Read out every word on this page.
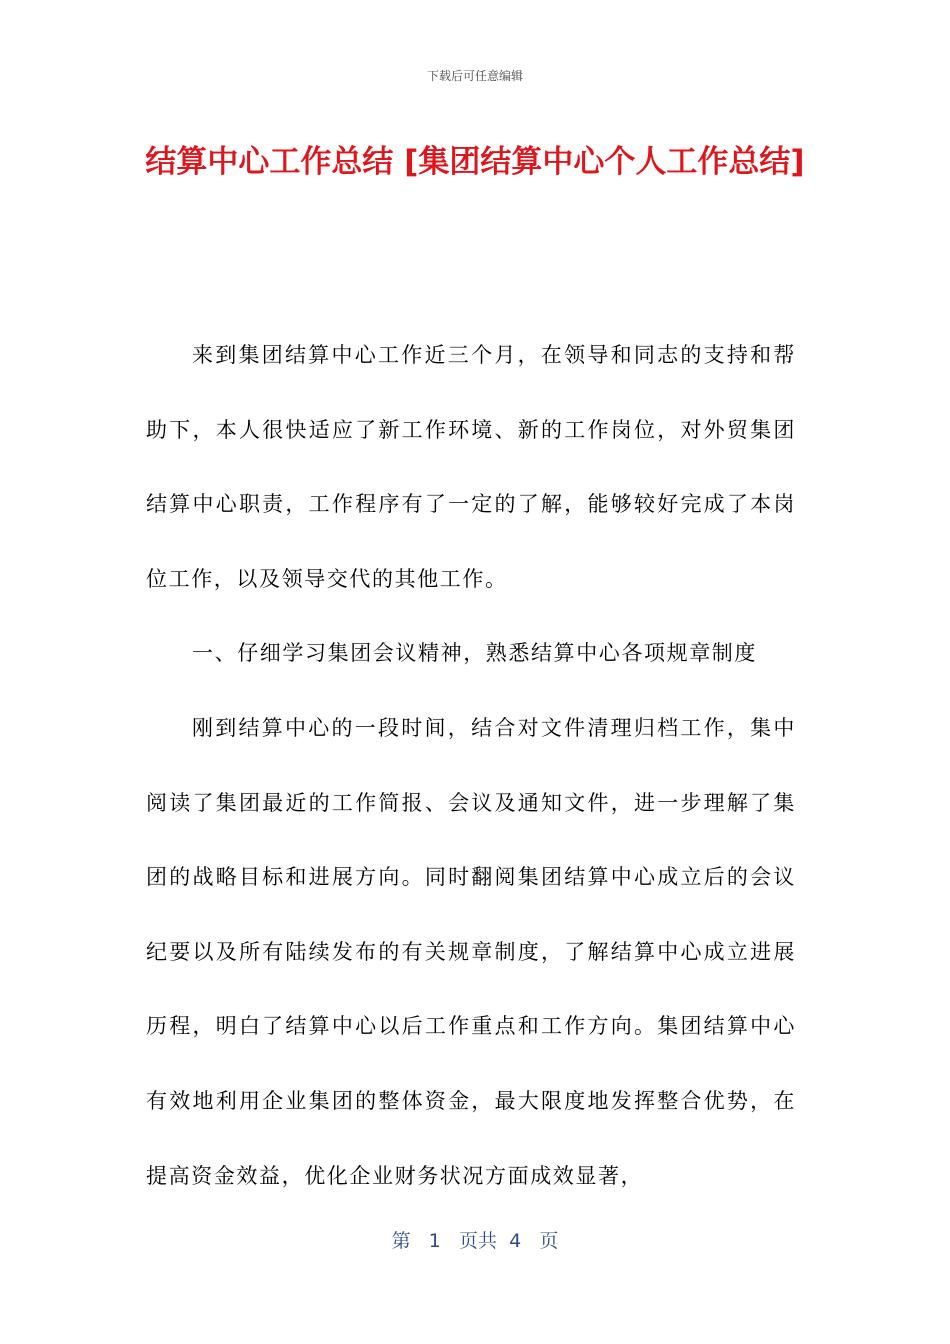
下载后可任意编辑
结算中心工作总结 [集团结算中心个人工作总结]

来到集团结算中心工作近三个月，在领导和同志的支持和帮助下，本人很快适应了新工作环境、新的工作岗位，对外贸集团结算中心职责，工作程序有了一定的了解，能够较好完成了本岗位工作，以及领导交代的其他工作。

一、仔细学习集团会议精神，熟悉结算中心各项规章制度

刚到结算中心的一段时间，结合对文件清理归档工作，集中阅读了集团最近的工作简报、会议及通知文件，进一步理解了集团的战略目标和进展方向。同时翻阅集团结算中心成立后的会议纪要以及所有陆续发布的有关规章制度，了解结算中心成立进展历程，明白了结算中心以后工作重点和工作方向。集团结算中心有效地利用企业集团的整体资金，最大限度地发挥整合优势，在提高资金效益，优化企业财务状况方面成效显著，

第 1 页共 4 页
